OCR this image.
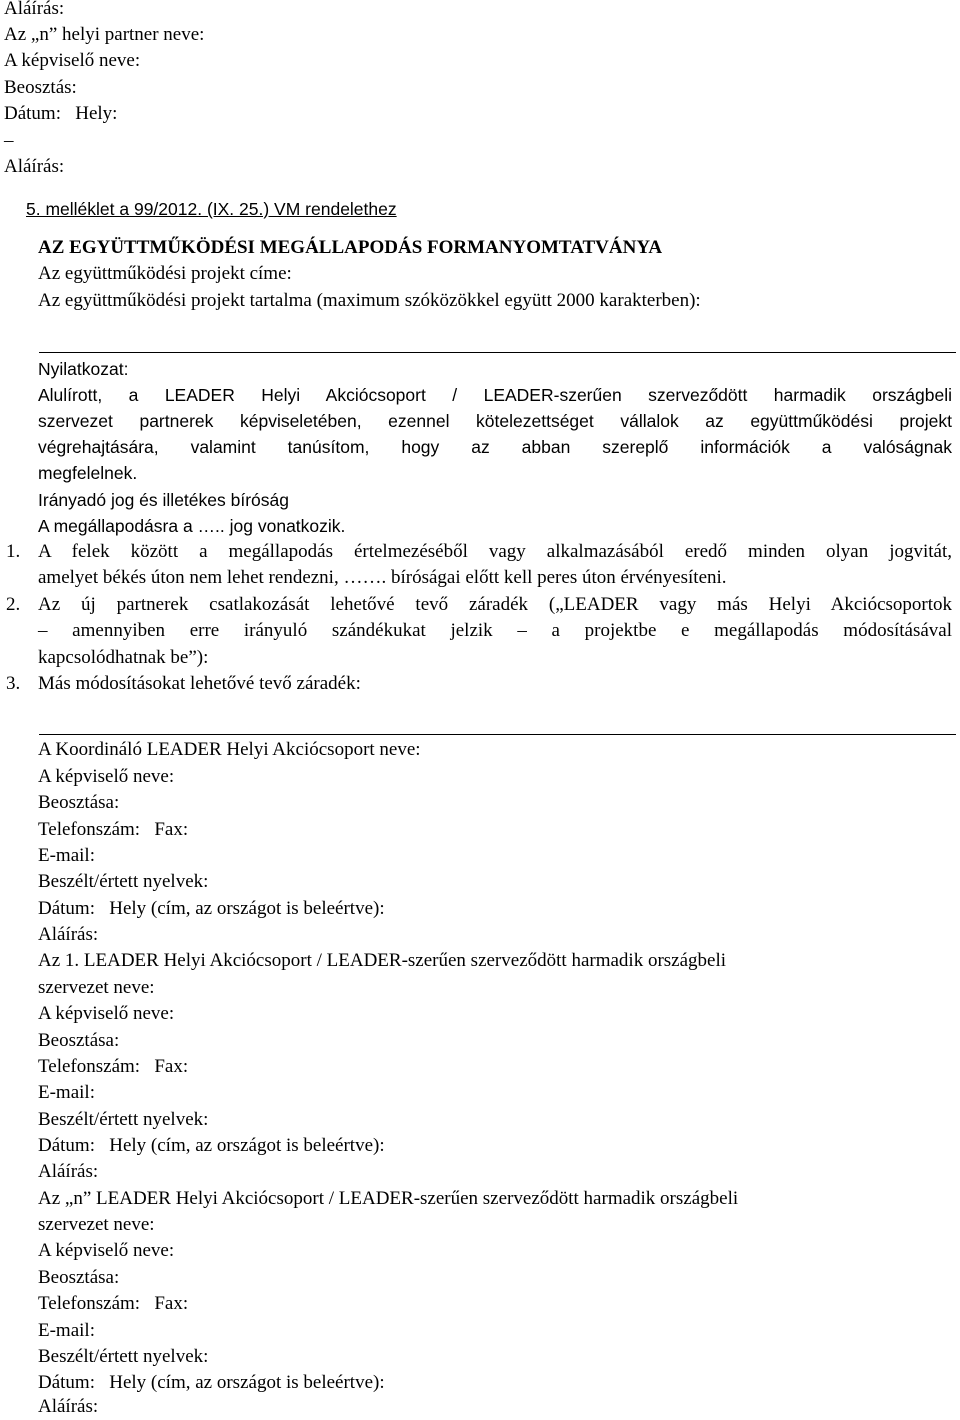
Aláírás:
Az „n” helyi partner neve:
A képviselő neve:
Beosztás:
Dátum:   Hely:
–
Aláírás:
5. melléklet a 99/2012. (IX. 25.) VM rendelethez
AZ EGYÜTTMŰKÖDÉSI MEGÁLLAPODÁS FORMANYOMTATVÁNYA
Az együttműködési projekt címe:
Az együttműködési projekt tartalma (maximum szóközökkel együtt 2000 karakterben):
Nyilatkozat:
Alulírott, a LEADER Helyi Akciócsoport / LEADER-szerűen szerveződött harmadik országbeli
szervezet partnerek képviseletében, ezennel kötelezettséget vállalok az együttműködési projekt
végrehajtására, valamint tanúsítom, hogy az abban szereplő információk a valóságnak
megfelelnek.
Irányadó jog és illetékes bíróság
A megállapodásra a ….. jog vonatkozik.
1. A felek között a megállapodás értelmezéséből vagy alkalmazásából eredő minden olyan jogvitát,
amelyet békés úton nem lehet rendezni, ……. bíróságai előtt kell peres úton érvényesíteni.
2. Az új partnerek csatlakozását lehetővé tevő záradék („LEADER vagy más Helyi Akciócsoportok
– amennyiben erre irányuló szándékukat jelzik – a projektbe e megállapodás módosításával
kapcsolódhatnak be”):
3. Más módosításokat lehetővé tevő záradék:
A Koordináló LEADER Helyi Akciócsoport neve:
A képviselő neve:
Beosztása:
Telefonszám:   Fax:
E-mail:
Beszélt/értett nyelvek:
Dátum:   Hely (cím, az országot is beleértve):
Aláírás:
Az 1. LEADER Helyi Akciócsoport / LEADER-szerűen szerveződött harmadik országbeli
szervezet neve:
A képviselő neve:
Beosztása:
Telefonszám:   Fax:
E-mail:
Beszélt/értett nyelvek:
Dátum:   Hely (cím, az országot is beleértve):
Aláírás:
Az „n” LEADER Helyi Akciócsoport / LEADER-szerűen szerveződött harmadik országbeli
szervezet neve:
A képviselő neve:
Beosztása:
Telefonszám:   Fax:
E-mail:
Beszélt/értett nyelvek:
Dátum:   Hely (cím, az országot is beleértve):
Aláírás:
